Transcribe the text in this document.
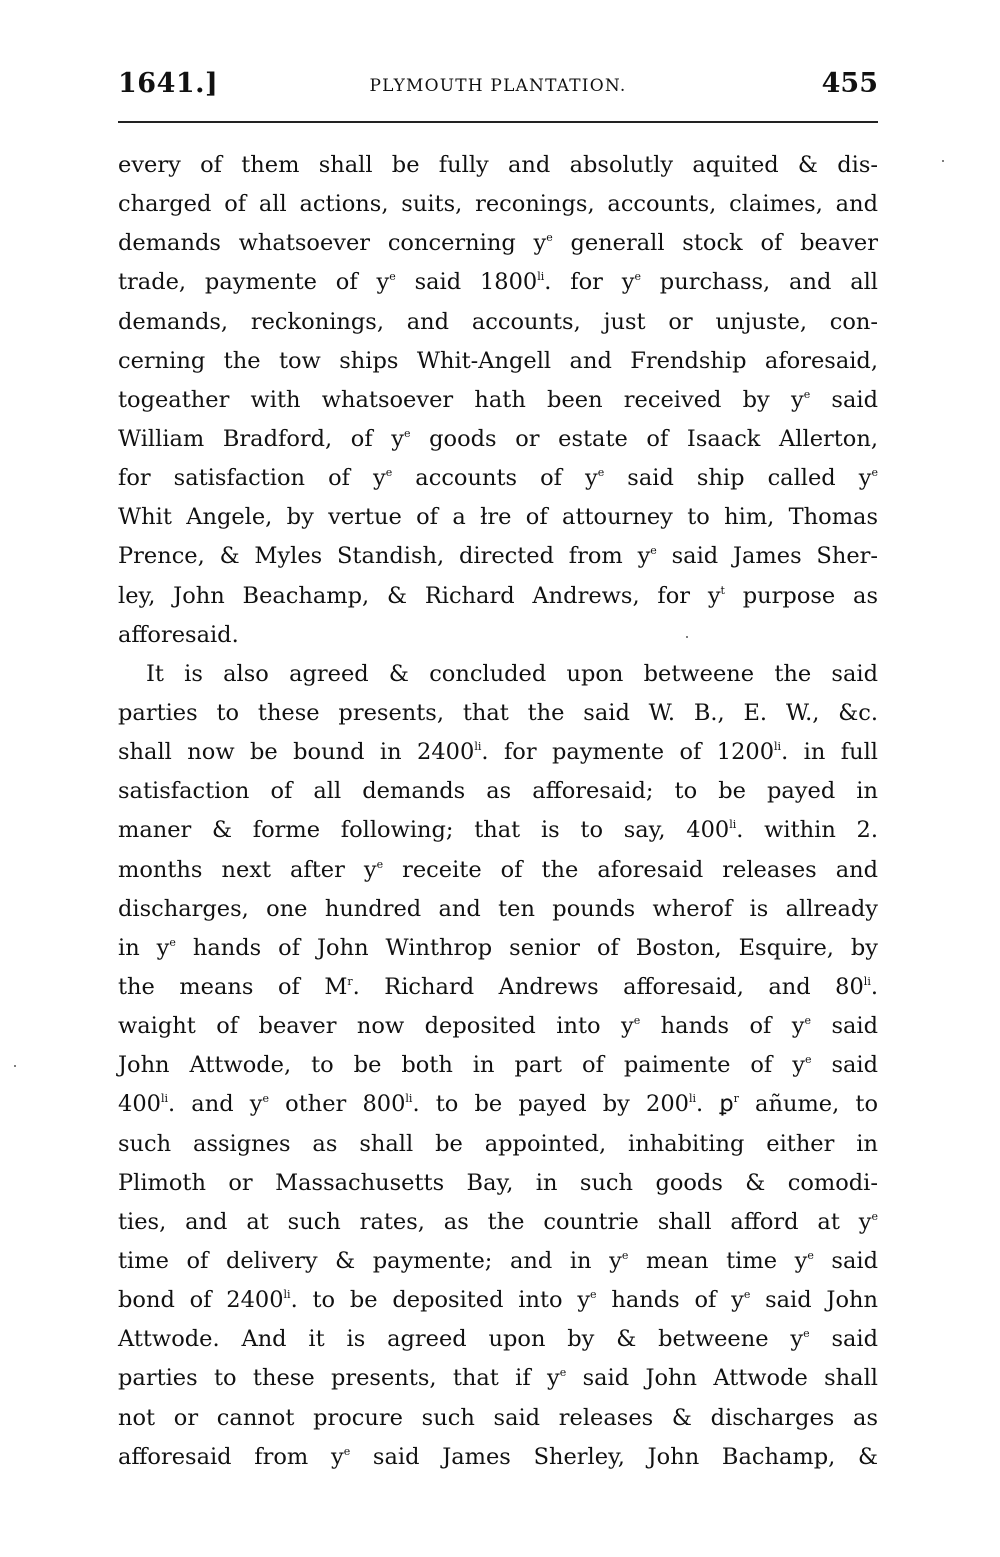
1641.]	PLYMOUTH PLANTATION.	455
every of them shall be fully and absolutly aquited & dis-
charged of all actions, suits, reconings, accounts, claimes, and
demands whatsoever concerning $y^e$ generall stock of beaver
trade, paymente of $y^e$ said $1800^{li}$. for $y^e$ purchass, and all
demands, reckonings, and accounts, just or unjuste, con-
cerning the tow ships Whit-Angell and Frendship aforesaid,
togeather with whatsoever hath been received by $y^e$ said
William Bradford, of $y^e$ goods or estate of Isaack Allerton,
for satisfaction of $y^e$ accounts of $y^e$ said ship called $y^e$
Whit Angele, by vertue of a łre of attourney to him, Thomas
Prence, & Myles Standish, directed from $y^e$ said James Sher-
ley, John Beachamp, & Richard Andrews, for $y^t$ purpose as
afforesaid.
It is also agreed & concluded upon betweene the said
parties to these presents, that the said W. B., E. W., &c.
shall now be bound in $2400^{li}$. for paymente of $1200^{li}$. in full
satisfaction of all demands as afforesaid; to be payed in
maner & forme following; that is to say, $400^{li}$. within 2.
months next after $y^e$ receite of the aforesaid releases and
discharges, one hundred and ten pounds wherof is allready
in $y^e$ hands of John Winthrop senior of Boston, Esquire, by
the means of $M^r$. Richard Andrews afforesaid, and $80^{li}$.
waight of beaver now deposited into $y^e$ hands of $y^e$ said
John Attwode, to be both in part of paimente of $y^e$ said
$400^{li}$. and $y^e$ other $800^{li}$. to be payed by $200^{li}$. ꝑ$^r$ añume, to
such assignes as shall be appointed, inhabiting either in
Plimoth or Massachusetts Bay, in such goods & comodi-
ties, and at such rates, as the countrie shall afford at $y^e$
time of delivery & paymente; and in $y^e$ mean time $y^e$ said
bond of $2400^{li}$. to be deposited into $y^e$ hands of $y^e$ said John
Attwode. And it is agreed upon by & betweene $y^e$ said
parties to these presents, that if $y^e$ said John Attwode shall
not or cannot procure such said releases & discharges as
afforesaid from $y^e$ said James Sherley, John Bachamp, &
